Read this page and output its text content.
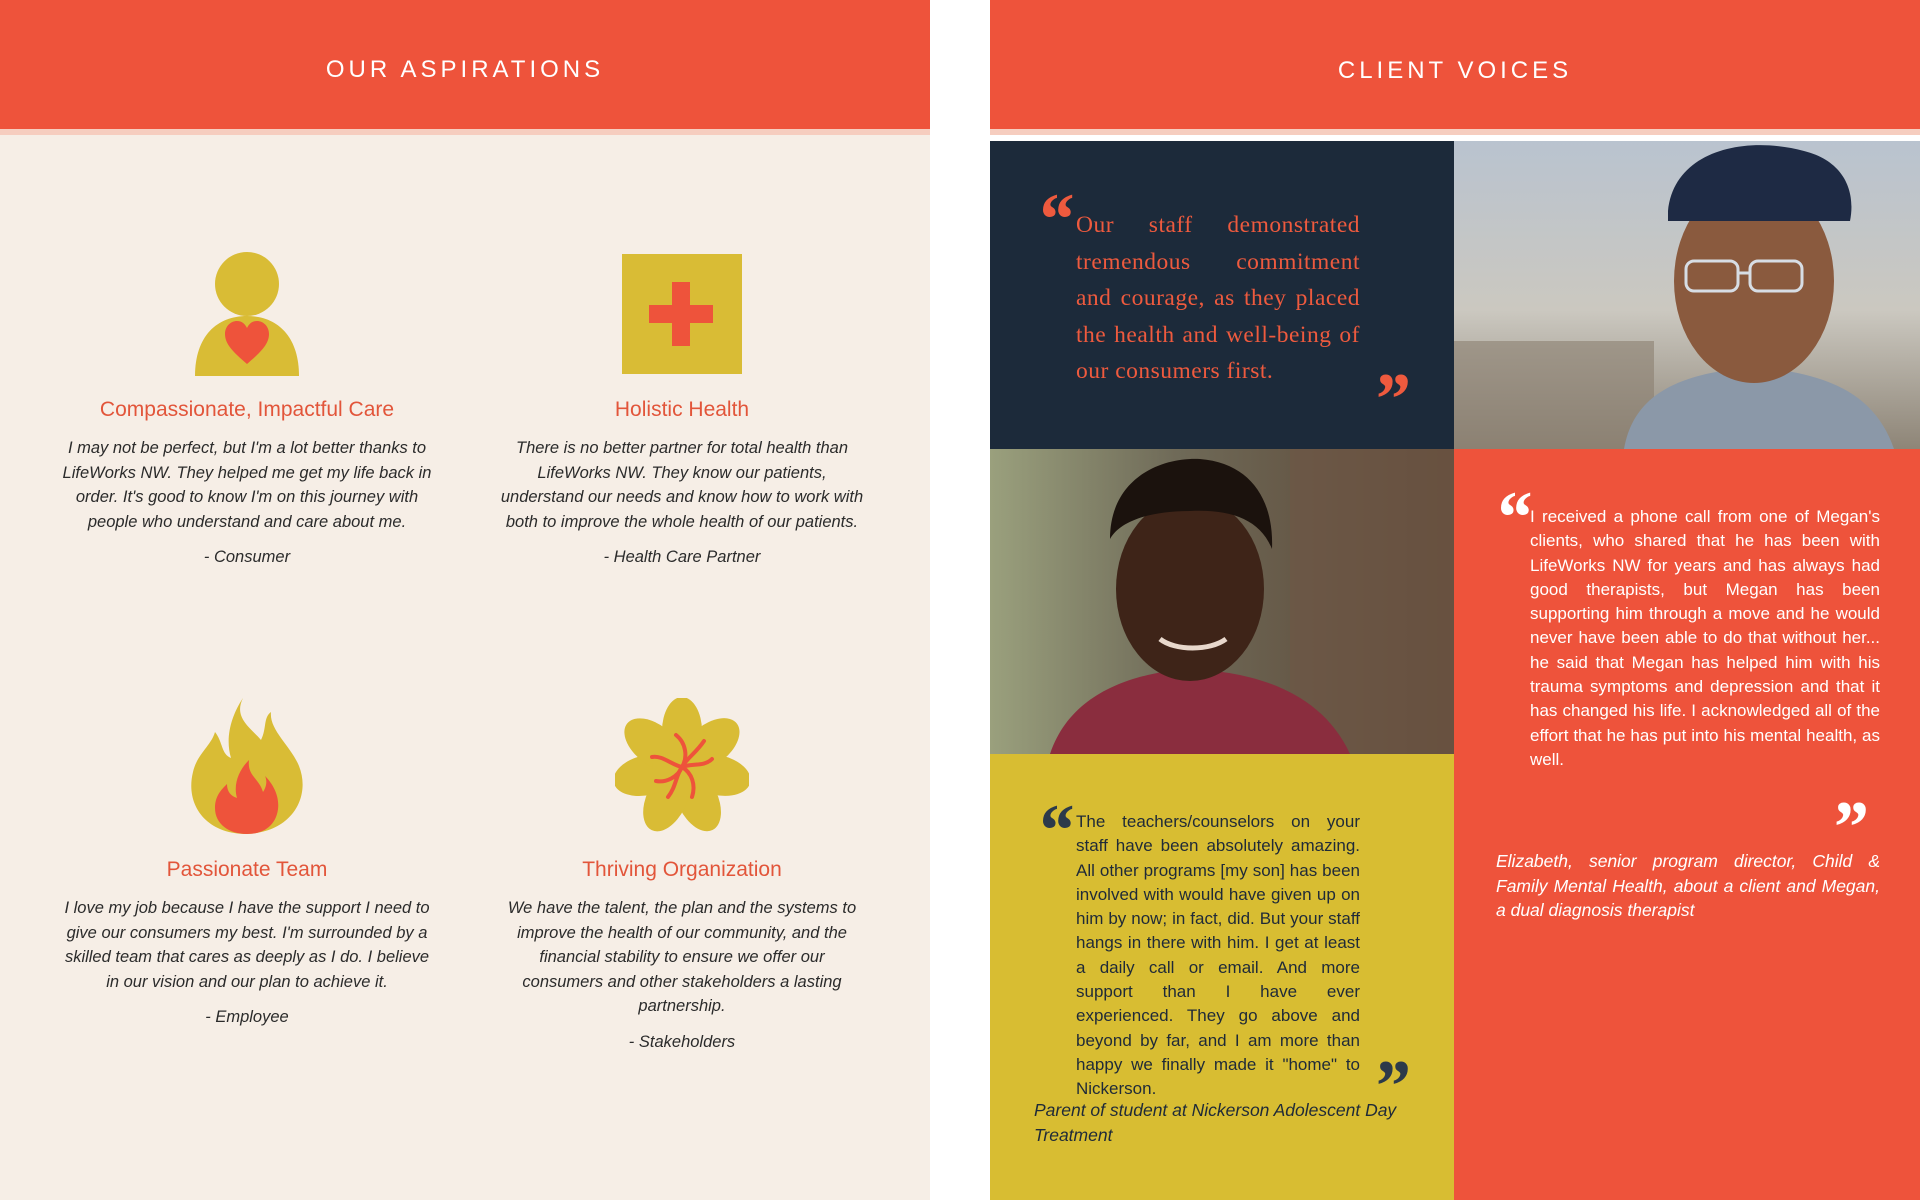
OUR ASPIRATIONS
Compassionate, Impactful Care
I may not be perfect, but I'm a lot better thanks to LifeWorks NW. They helped me get my life back in order. It's good to know I'm on this journey with people who understand and care about me.
- Consumer
Holistic Health
There is no better partner for total health than LifeWorks NW. They know our patients, understand our needs and know how to work with both to improve the whole health of our patients.
- Health Care Partner
Passionate Team
I love my job because I have the support I need to give our consumers my best. I'm surrounded by a skilled team that cares as deeply as I do. I believe in our vision and our plan to achieve it.
- Employee
Thriving Organization
We have the talent, the plan and the systems to improve the health of our community, and the financial stability to ensure we offer our consumers and other stakeholders a lasting partnership.
- Stakeholders
CLIENT VOICES
“ Our staff demonstrated tremendous commitment and courage, as they placed the health and well-being of our consumers first.	”
“ I received a phone call from one of Megan's clients, who shared that he has been with LifeWorks NW for years and has always had good therapists, but Megan has been supporting him through a move and he would never have been able to do that without her... he said that Megan has helped him with his trauma symptoms and depression and that it has changed his life. I acknowledged all of the effort that he has put into his mental health, as well.
”
Elizabeth, senior program director, Child & Family Mental Health, about a client and Megan, a dual diagnosis therapist
“ The teachers/counselors on your staff have been absolutely amazing. All other programs [my son] has been involved with would have given up on him by now; in fact, did. But your staff hangs in there with him. I get at least a daily call or email. And more support than I have ever experienced. They go above and beyond by far, and I am more than happy we finally made it "home" to Nickerson.	”
Parent of student at Nickerson Adolescent Day Treatment
